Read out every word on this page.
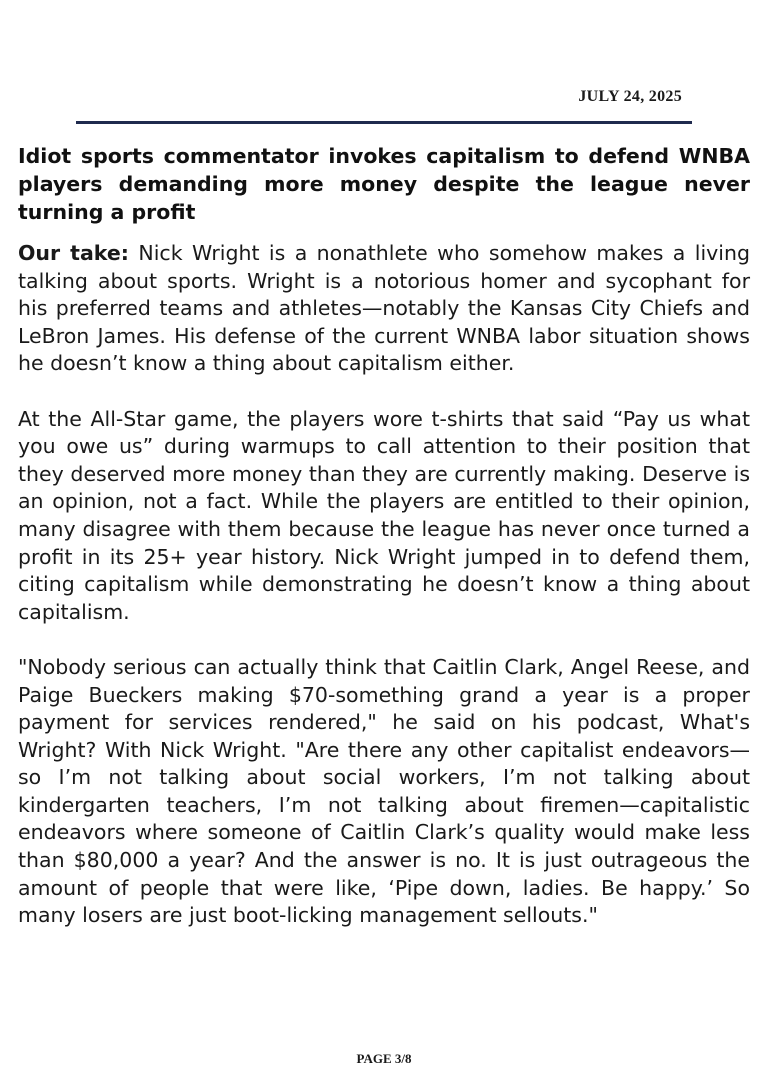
JULY 24, 2025
Idiot sports commentator invokes capitalism to defend WNBA players demanding more money despite the league never turning a profit

Our take: Nick Wright is a nonathlete who somehow makes a living talking about sports. Wright is a notorious homer and sycophant for his preferred teams and athletes—notably the Kansas City Chiefs and LeBron James. His defense of the current WNBA labor situation shows he doesn’t know a thing about capitalism either.

At the All-Star game, the players wore t-shirts that said “Pay us what you owe us” during warmups to call attention to their position that they deserved more money than they are currently making. Deserve is an opinion, not a fact. While the players are entitled to their opinion, many disagree with them because the league has never once turned a profit in its 25+ year history. Nick Wright jumped in to defend them, citing capitalism while demonstrating he doesn’t know a thing about capitalism.

"Nobody serious can actually think that Caitlin Clark, Angel Reese, and Paige Bueckers making $70-something grand a year is a proper payment for services rendered," he said on his podcast, What's Wright? With Nick Wright. "Are there any other capitalist endeavors—so I’m not talking about social workers, I’m not talking about kindergarten teachers, I’m not talking about firemen—capitalistic endeavors where someone of Caitlin Clark’s quality would make less than $80,000 a year? And the answer is no. It is just outrageous the amount of people that were like, ‘Pipe down, ladies. Be happy.’ So many losers are just boot-licking management sellouts."

PAGE 3/8
